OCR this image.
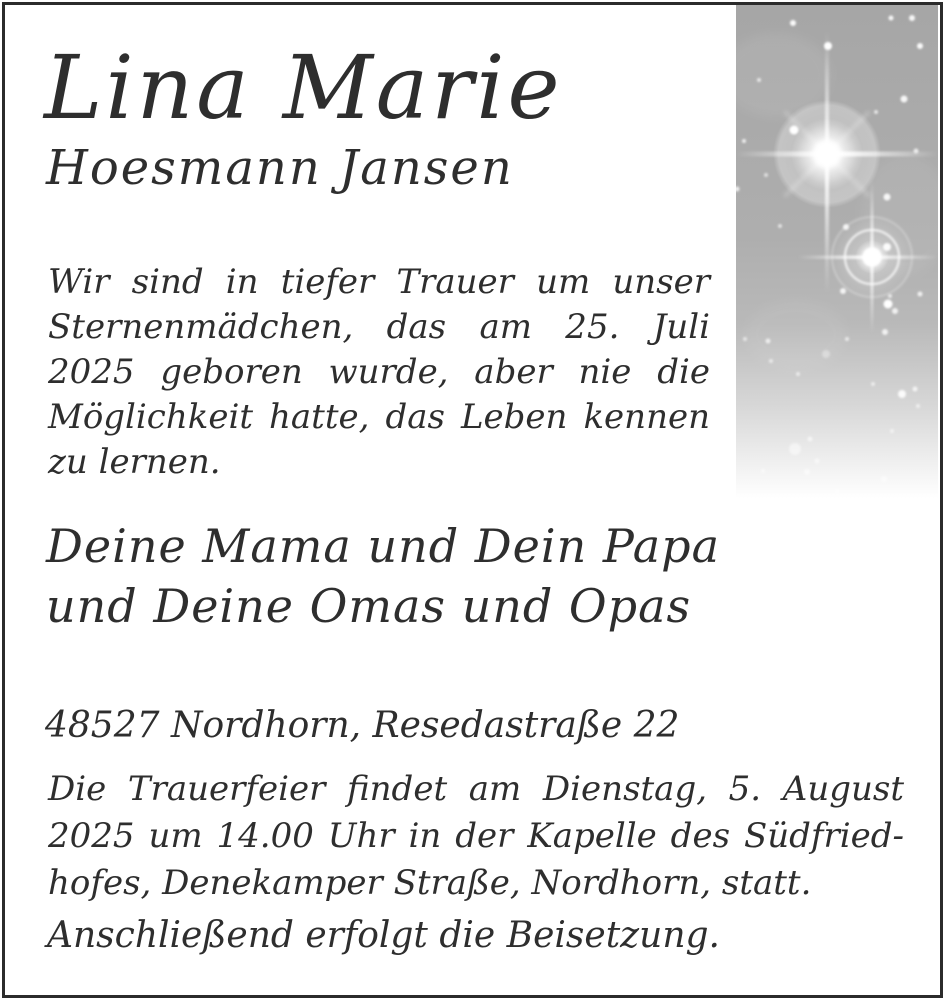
Lina Marie
Hoesmann Jansen
Wir sind in tiefer Trauer um unser
Sternenmädchen, das am 25. Juli
2025 geboren wurde, aber nie die
Möglichkeit hatte, das Leben kennen
zu lernen.
Deine Mama und Dein Papa
und Deine Omas und Opas
48527 Nordhorn, Resedastraße 22
Die Trauerfeier findet am Dienstag, 5. August
2025 um 14.00 Uhr in der Kapelle des Südfried-
hofes, Denekamper Straße, Nordhorn, statt.
Anschließend erfolgt die Beisetzung.
